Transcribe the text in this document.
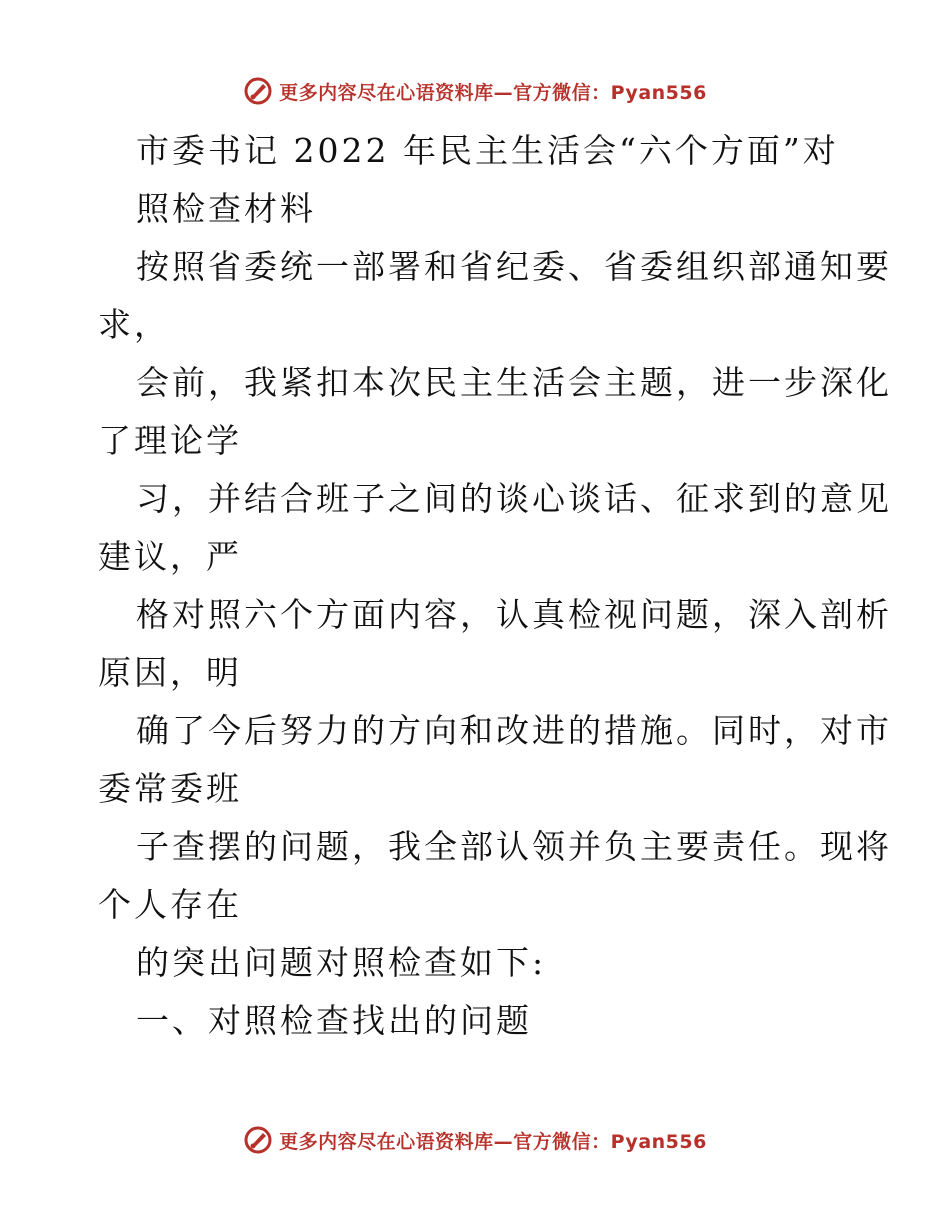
更多内容尽在心语资料库—官方微信：Pyan556
市委书记 2022 年民主生活会“六个方面”对
照检查材料
按照省委统一部署和省纪委、省委组织部通知要
求，
会前，我紧扣本次民主生活会主题，进一步深化
了理论学
习，并结合班子之间的谈心谈话、征求到的意见
建议，严
格对照六个方面内容，认真检视问题，深入剖析
原因，明
确了今后努力的方向和改进的措施。同时，对市
委常委班
子查摆的问题，我全部认领并负主要责任。现将
个人存在
的突出问题对照检查如下:
一、对照检查找出的问题
更多内容尽在心语资料库—官方微信：Pyan556
